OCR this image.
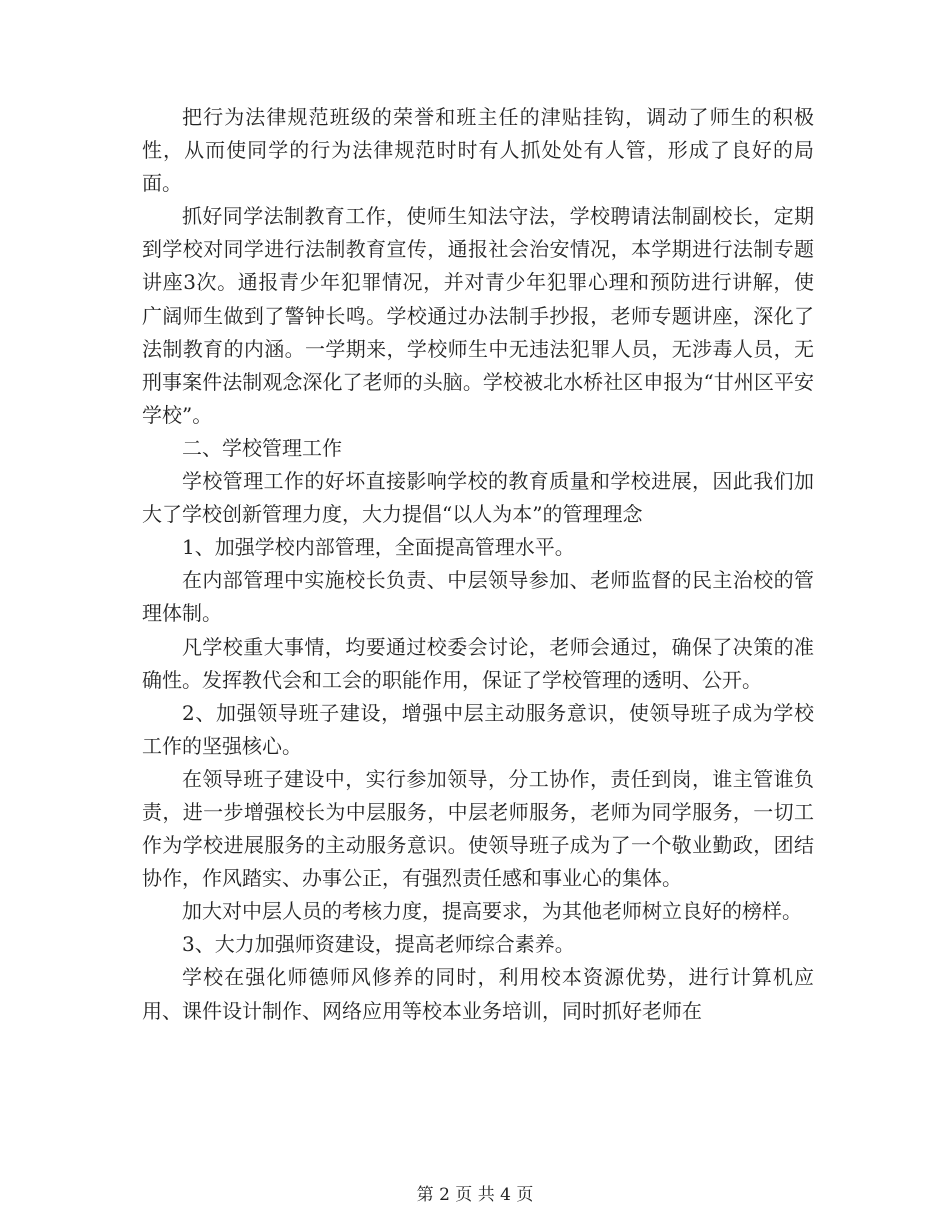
把行为法律规范班级的荣誉和班主任的津贴挂钩，调动了师生的积极性，从而使同学的行为法律规范时时有人抓处处有人管，形成了良好的局面。

抓好同学法制教育工作，使师生知法守法，学校聘请法制副校长，定期到学校对同学进行法制教育宣传，通报社会治安情况，本学期进行法制专题讲座3次。通报青少年犯罪情况，并对青少年犯罪心理和预防进行讲解，使广阔师生做到了警钟长鸣。学校通过办法制手抄报，老师专题讲座，深化了法制教育的内涵。一学期来，学校师生中无违法犯罪人员，无涉毒人员，无刑事案件法制观念深化了老师的头脑。学校被北水桥社区申报为“甘州区平安学校”。

二、学校管理工作

学校管理工作的好坏直接影响学校的教育质量和学校进展，因此我们加大了学校创新管理力度，大力提倡“以人为本”的管理理念

1、加强学校内部管理，全面提高管理水平。

在内部管理中实施校长负责、中层领导参加、老师监督的民主治校的管理体制。

凡学校重大事情，均要通过校委会讨论，老师会通过，确保了决策的准确性。发挥教代会和工会的职能作用，保证了学校管理的透明、公开。

2、加强领导班子建设，增强中层主动服务意识，使领导班子成为学校工作的坚强核心。

在领导班子建设中，实行参加领导，分工协作，责任到岗，谁主管谁负责，进一步增强校长为中层服务，中层老师服务，老师为同学服务，一切工作为学校进展服务的主动服务意识。使领导班子成为了一个敬业勤政，团结协作，作风踏实、办事公正，有强烈责任感和事业心的集体。

加大对中层人员的考核力度，提高要求，为其他老师树立良好的榜样。

3、大力加强师资建设，提高老师综合素养。

学校在强化师德师风修养的同时，利用校本资源优势，进行计算机应用、课件设计制作、网络应用等校本业务培训，同时抓好老师在

第 2 页 共 4 页
